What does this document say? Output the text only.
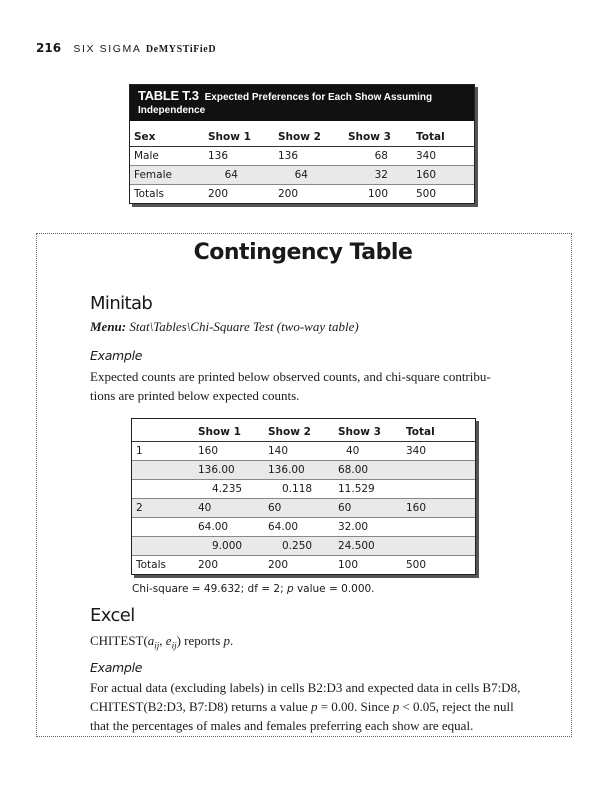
216 SIX SIGMA DeMYSTiFieD
TABLE T.3 Expected Preferences for Each Show Assuming
Independence
Sex	Show 1	Show 2	Show 3	Total
Male	136	136	68	340
Female	64	64	32	160
Totals	200	200	100	500
Contingency Table
Minitab
Menu: Stat\Tables\Chi-Square Test (two-way table)
Example
Expected counts are printed below observed counts, and chi-square contribu-
tions are printed below expected counts.
	Show 1	Show 2	Show 3	Total
1	160	140	40	340
	136.00	136.00	68.00	
	4.235	0.118	11.529	
2	40	60	60	160
	64.00	64.00	32.00	
	9.000	0.250	24.500	
Totals	200	200	100	500
Chi-square = 49.632; df = 2; p value = 0.000.
Excel
$CHITEST(a_{ij}$, $e_{ij}$) reports p.
Example
For actual data (excluding labels) in cells B2:D3 and expected data in cells B7:D8,
CHITEST(B2:D3, B7:D8) returns a value p = 0.00. Since p < 0.05, reject the null
that the percentages of males and females preferring each show are equal.
